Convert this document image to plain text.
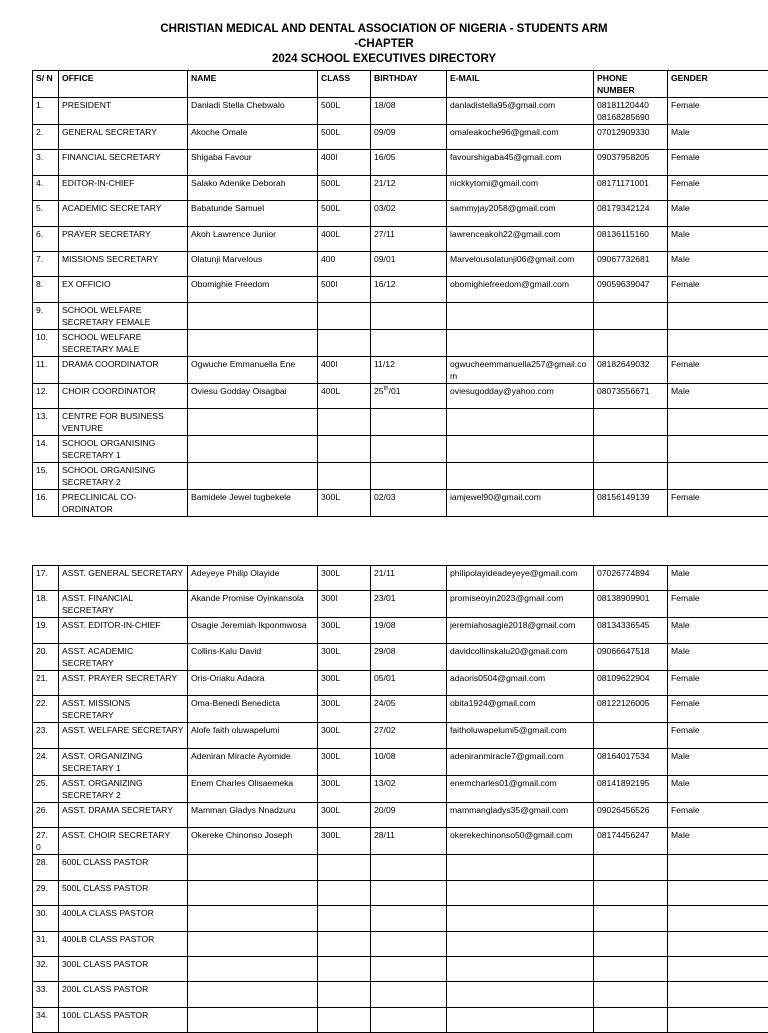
CHRISTIAN MEDICAL AND DENTAL ASSOCIATION OF NIGERIA - STUDENTS ARM
-CHAPTER
2024 SCHOOL EXECUTIVES DIRECTORY
S/ N	OFFICE	NAME	CLASS	BIRTHDAY	E-MAIL	PHONE NUMBER	GENDER
1.	PRESIDENT	Danladi Stella Chebwalo	500L	18/08	danladistella95@gmail.com	08181120440 08168285690	Female
2.	GENERAL SECRETARY	Akoche Omale	500L	09/09	omaleakoche96@gmail.com	07012909330	Male
3.	FINANCIAL SECRETARY	Shigaba Favour	400l	16/05	favourshigaba45@gmail.com	09037958205	Female
4.	EDITOR-IN-CHIEF	Salako Adenike Deborah	500L	21/12	nickkytomi@gmail.com	08171171001	Female
5.	ACADEMIC SECRETARY	Babatunde Samuel	500L	03/02	sammyjay2058@gmail.com	08179342124	Male
6.	PRAYER SECRETARY	Akoh Lawrence Junior	400L	27/11	lawrenceakoh22@gmail.com	08136115160	Male
7.	MISSIONS SECRETARY	Olatunji Marvelous	400	09/01	Marvelousolatunji06@gmail.com	09067732681	Male
8.	EX OFFICIO	Obomighie Freedom	500l	16/12	obomighiefreedom@gmail.com	09059639047	Female
9.	SCHOOL WELFARE SECRETARY FEMALE						
10.	SCHOOL WELFARE SECRETARY MALE						
11.	DRAMA COORDINATOR	Ogwuche Emmanuella Ene	400l	11/12	ogwucheemmanuella257@gmail.com	08182649032	Female
12.	CHOIR COORDINATOR	Oviesu Godday Oisagbai	400L	25th/01	oviesugodday@yahoo.com	08073556671	Male
13.	CENTRE FOR BUSINESS VENTURE						
14.	SCHOOL ORGANISING SECRETARY 1						
15.	SCHOOL ORGANISING SECRETARY 2						
16.	PRECLINICAL CO-ORDINATOR	Bamidele Jewel tugbekele	300L	02/03	iamjewel90@gmail.com	08156149139	Female
17.	ASST. GENERAL SECRETARY	Adeyeye Philip Olayide	300L	21/11	philipolayideadeyeye@gmail.com	07026774894	Male
18.	ASST. FINANCIAL SECRETARY	Akande Promise Oyinkansola	300l	23/01	promiseoyin2023@gmail.com	08138909901	Female
19.	ASST. EDITOR-IN-CHIEF	Osagie Jeremiah Ikponmwosa	300L	19/08	jeremiahosagie2018@gmail.com	08134336545	Male
20.	ASST. ACADEMIC SECRETARY	Collins-Kalu David	300L	29/08	davidcollinskalu20@gmail.com	09066647518	Male
21.	ASST. PRAYER SECRETARY	Oris-Oriaku Adaora	300L	05/01	adaoris0504@gmail.com	08109622904	Female
22.	ASST. MISSIONS SECRETARY	Oma-Benedi Benedicta	300L	24/05	obita1924@gmail.com	08122126005	Female
23.	ASST. WELFARE SECRETARY	Alofe faith oluwapelumi	300L	27/02	faitholuwapelumi5@gmail.com		Female
24.	ASST. ORGANIZING SECRETARY 1	Adeniran Miracle Ayomide	300L	10/08	adeniranmiracle7@gmail.com	08164017534	Male
25.	ASST. ORGANIZING SECRETARY 2	Enem Charles Olisaemeka	300L	13/02	enemcharles01@gmail.com	08141892195	Male
26.	ASST. DRAMA SECRETARY	Mamman Gladys Nnadzuru	300L	20/09	mammangladys35@gmail.com	09026456526	Female
27. 0	ASST. CHOIR SECRETARY	Okereke Chinonso Joseph	300L	28/11	okerekechinonso50@gmail.com	08174456247	Male
28.	600L CLASS PASTOR						
29.	500L CLASS PASTOR						
30.	400LA CLASS PASTOR						
31.	400LB CLASS PASTOR						
32.	300L CLASS PASTOR						
33.	200L CLASS PASTOR						
34.	100L CLASS PASTOR						
